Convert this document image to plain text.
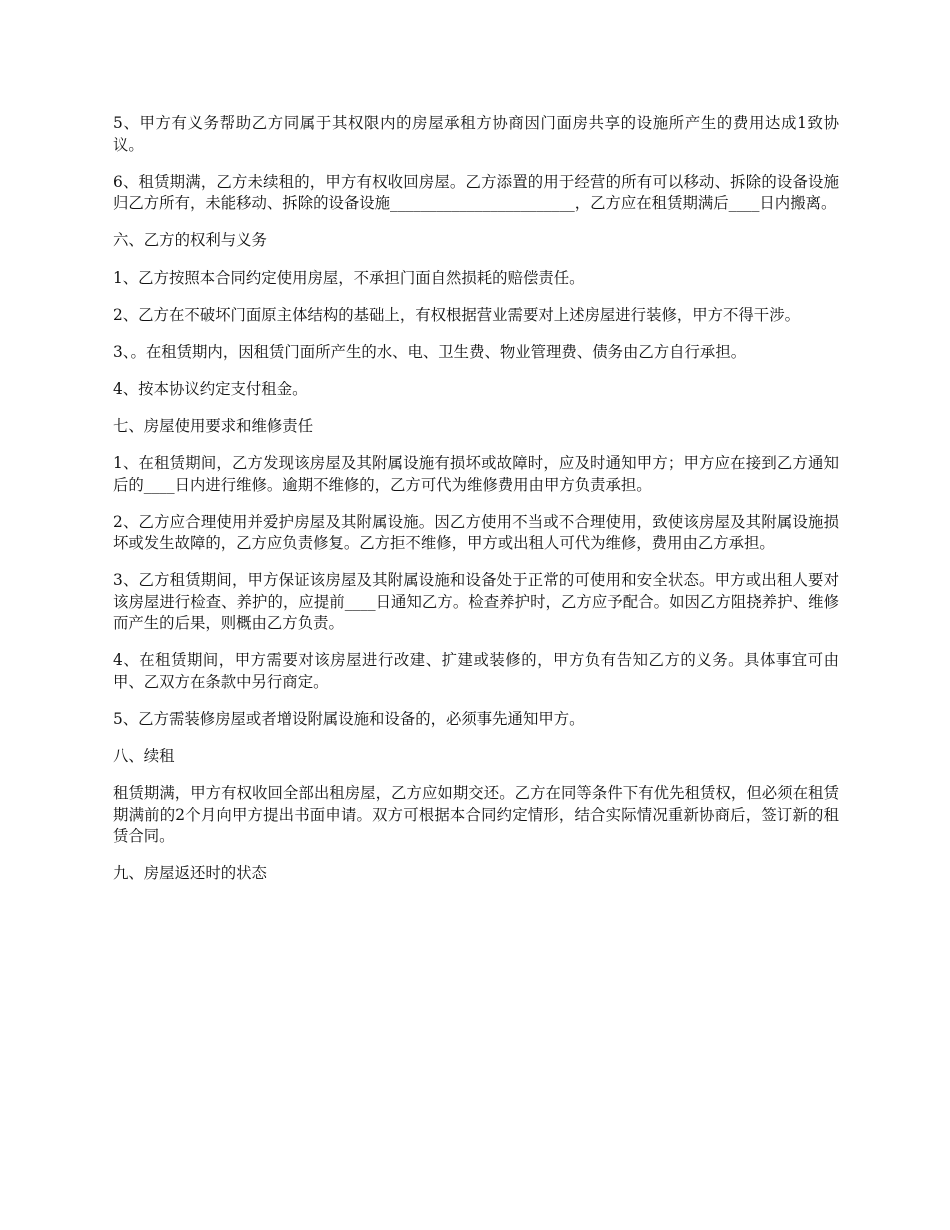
5、甲方有义务帮助乙方同属于其权限内的房屋承租方协商因门面房共享的设施所产生的费用达成1致协议。

6、租赁期满，乙方未续租的，甲方有权收回房屋。乙方添置的用于经营的所有可以移动、拆除的设备设施归乙方所有，未能移动、拆除的设备设施________________________，乙方应在租赁期满后____日内搬离。

六、乙方的权利与义务

1、乙方按照本合同约定使用房屋，不承担门面自然损耗的赔偿责任。

2、乙方在不破坏门面原主体结构的基础上，有权根据营业需要对上述房屋进行装修，甲方不得干涉。

3、。在租赁期内，因租赁门面所产生的水、电、卫生费、物业管理费、债务由乙方自行承担。

4、按本协议约定支付租金。

七、房屋使用要求和维修责任

1、在租赁期间，乙方发现该房屋及其附属设施有损坏或故障时，应及时通知甲方；甲方应在接到乙方通知后的____日内进行维修。逾期不维修的，乙方可代为维修费用由甲方负责承担。

2、乙方应合理使用并爱护房屋及其附属设施。因乙方使用不当或不合理使用，致使该房屋及其附属设施损坏或发生故障的，乙方应负责修复。乙方拒不维修，甲方或出租人可代为维修，费用由乙方承担。

3、乙方租赁期间，甲方保证该房屋及其附属设施和设备处于正常的可使用和安全状态。甲方或出租人要对该房屋进行检查、养护的，应提前____日通知乙方。检查养护时，乙方应予配合。如因乙方阻挠养护、维修而产生的后果，则概由乙方负责。

4、在租赁期间，甲方需要对该房屋进行改建、扩建或装修的，甲方负有告知乙方的义务。具体事宜可由甲、乙双方在条款中另行商定。

5、乙方需装修房屋或者增设附属设施和设备的，必须事先通知甲方。

八、续租

租赁期满，甲方有权收回全部出租房屋，乙方应如期交还。乙方在同等条件下有优先租赁权，但必须在租赁期满前的2个月向甲方提出书面申请。双方可根据本合同约定情形，结合实际情况重新协商后，签订新的租赁合同。

九、房屋返还时的状态
